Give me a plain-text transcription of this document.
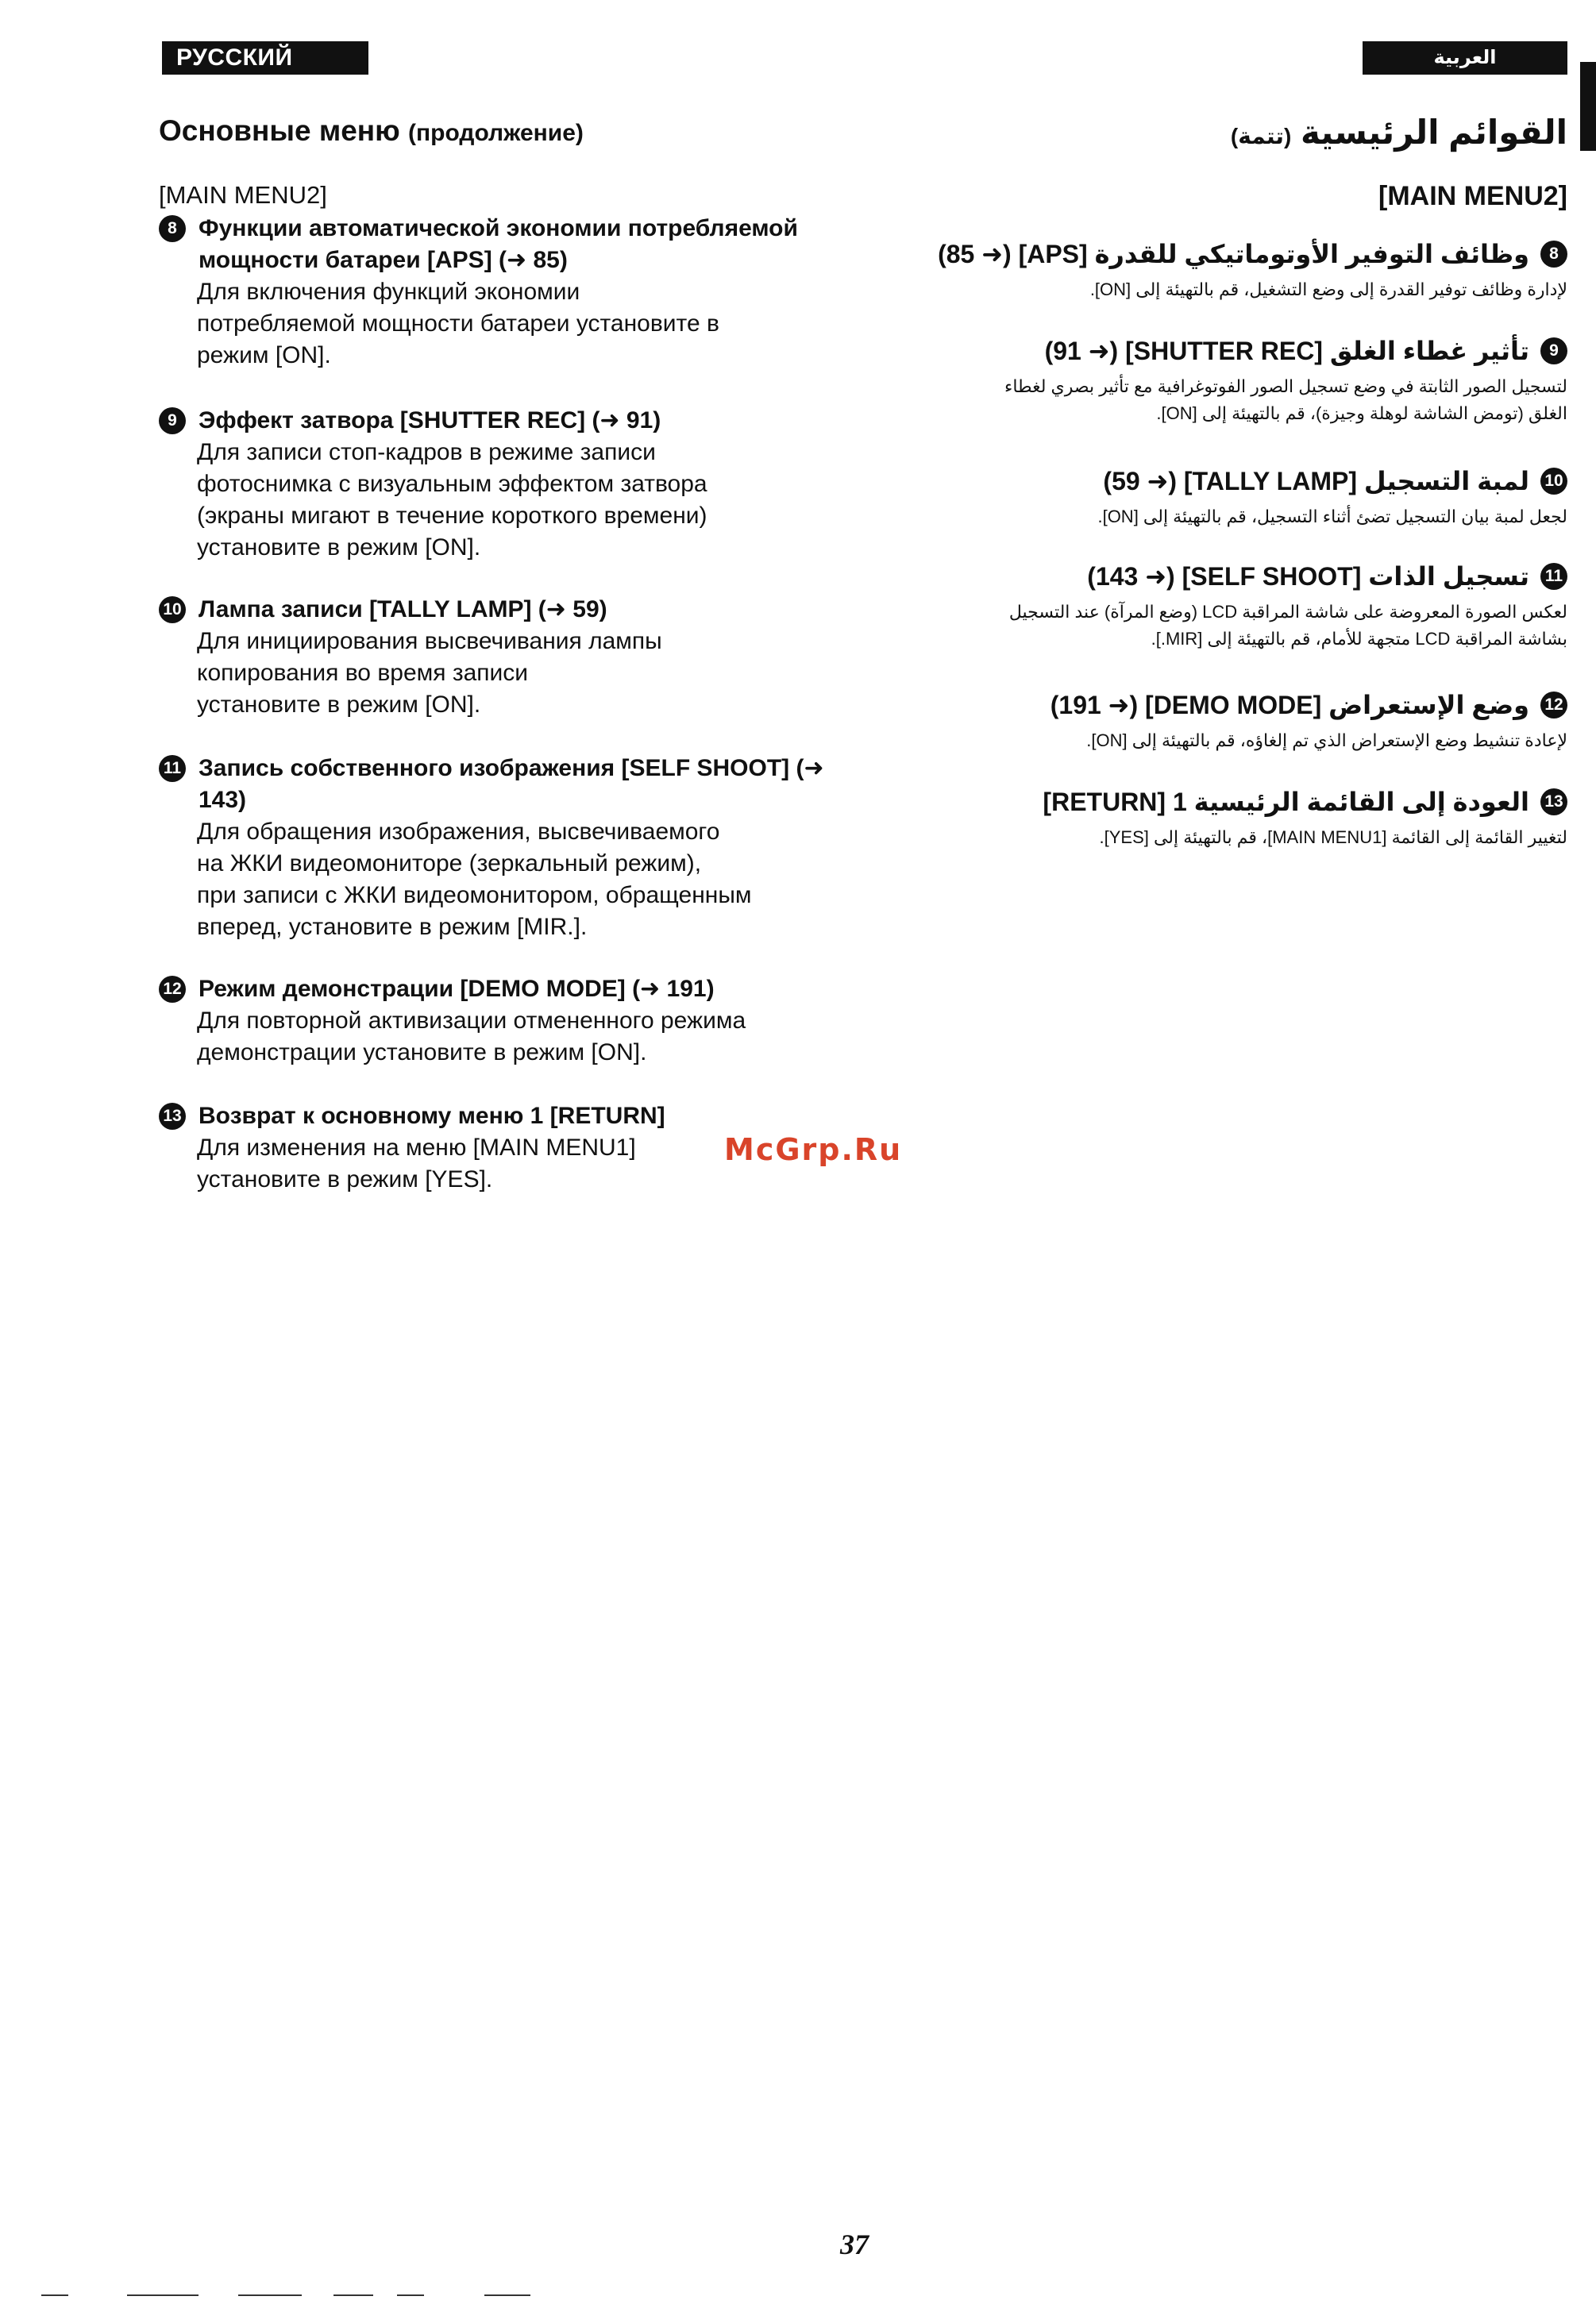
РУССКИЙ ЯЗЫК
العربية
Основные меню (продолжение)
[MAIN MENU2]
8 Функции автоматической экономии потребляемой мощности батареи [APS] (➜ 85)
Для включения функций экономии
потребляемой мощности батареи установите в
режим [ON].
9 Эффект затвора [SHUTTER REC] (➜ 91)
Для записи стоп-кадров в режиме записи
фотоснимка с визуальным эффектом затвора
(экраны мигают в течение короткого времени)
установите в режим [ON].
10 Лампа записи [TALLY LAMP] (➜ 59)
Для инициирования высвечивания лампы
копирования во время записи
установите в режим [ON].
11 Запись собственного изображения [SELF SHOOT] (➜ 143)
Для обращения изображения, высвечиваемого
на ЖКИ видеомониторе (зеркальный режим),
при записи с ЖКИ видеомонитором, обращенным
вперед, установите в режим [MIR.].
12 Режим демонстрации [DEMO MODE] (➜ 191)
Для повторной активизации отмененного режима
демонстрации установите в режим [ON].
13 Возврат к основному меню 1 [RETURN]
Для изменения на меню [MAIN MENU1]
установите в режим [YES].
القوائم الرئيسية (تتمة)
[MAIN MENU2]
8
وظائف التوفير الأوتوماتيكي للقدرة [APS] (➜ 85)
لإدارة وظائف توفير القدرة إلى وضع التشغيل، قم بالتهيئة إلى [ON].
9
تأثير غطاء الغلق [SHUTTER REC] (➜ 91)
لتسجيل الصور الثابتة في وضع تسجيل الصور الفوتوغرافية مع تأثير بصري لغطاء
الغلق (تومض الشاشة لوهلة وجيزة)، قم بالتهيئة إلى [ON].
10
لمبة التسجيل [TALLY LAMP] (➜ 59)
لجعل لمبة بيان التسجيل تضئ أثناء التسجيل، قم بالتهيئة إلى [ON].
11
تسجيل الذات [SELF SHOOT] (➜ 143)
لعكس الصورة المعروضة على شاشة المراقبة LCD (وضع المرآة) عند التسجيل
بشاشة المراقبة LCD متجهة للأمام، قم بالتهيئة إلى [MIR.].
12
وضع الإستعراض [DEMO MODE] (➜ 191)
لإعادة تنشيط وضع الإستعراض الذي تم إلغاؤه، قم بالتهيئة إلى [ON].
13
العودة إلى القائمة الرئيسية 1 [RETURN]
لتغيير القائمة إلى القائمة [MAIN MENU1]، قم بالتهيئة إلى [YES].
McGrp.Ru
37
